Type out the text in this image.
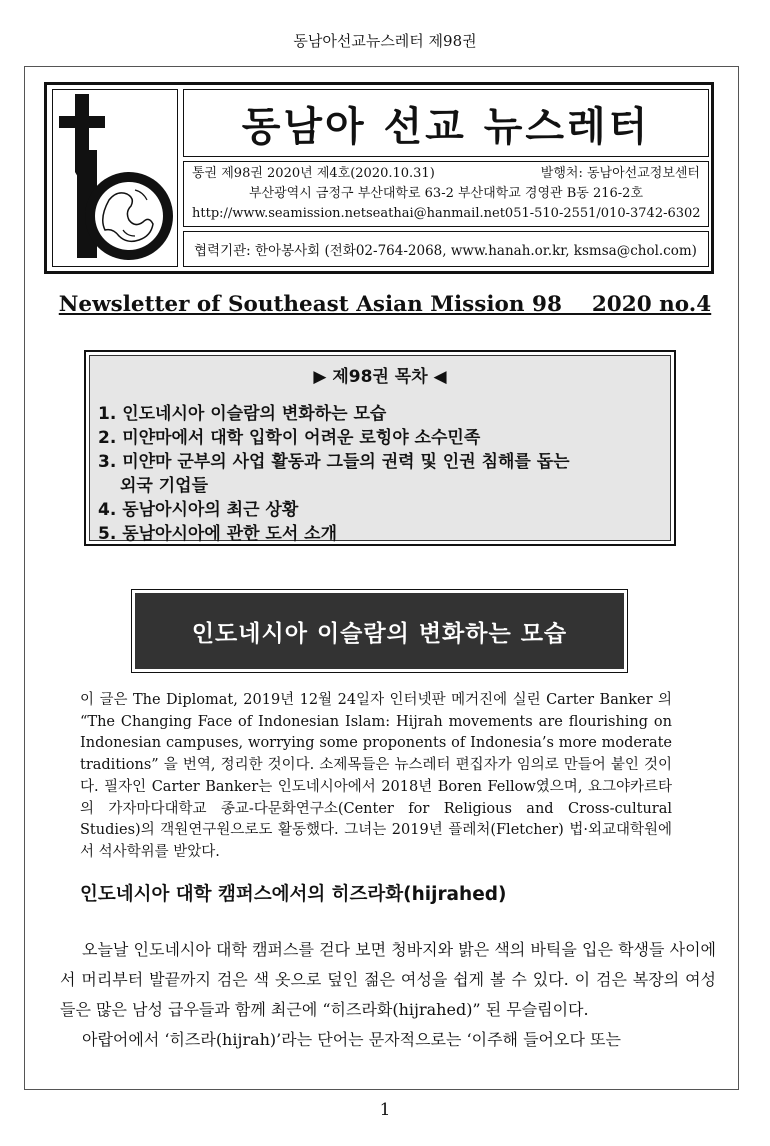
동남아선교뉴스레터 제98권
동남아 선교 뉴스레터
통권 제98권 2020년 제4호(2020.10.31)	발행처: 동남아선교정보센터
부산광역시 금정구 부산대학로 63-2 부산대학교 경영관 B동 216-2호
http://www.seamission.net seathai@hanmail.net 051-510-2551/010-3742-6302
협력기관: 한아봉사회 (전화02-764-2068, www.hanah.or.kr, ksmsa@chol.com)
Newsletter of Southeast Asian Mission 98    2020 no.4
▶ 제98권 목차 ◀
1. 인도네시아 이슬람의 변화하는 모습
2. 미얀마에서 대학 입학이 어려운 로힝야 소수민족
3. 미얀마 군부의 사업 활동과 그들의 권력 및 인권 침해를 돕는
외국 기업들
4. 동남아시아의 최근 상황
5. 동남아시아에 관한 도서 소개
인도네시아 이슬람의 변화하는 모습
이 글은 The Diplomat, 2019년 12월 24일자 인터넷판 메거진에 실린 Carter Banker 의 “The Changing Face of Indonesian Islam: Hijrah movements are flourishing on Indonesian campuses, worrying some proponents of Indonesia’s more moderate traditions” 을 번역, 정리한 것이다. 소제목들은 뉴스레터 편집자가 임의로 만들어 붙인 것이다. 필자인 Carter Banker는 인도네시아에서 2018년 Boren Fellow였으며, 요그야카르타의 가자마다대학교 종교-다문화연구소(Center for Religious and Cross-cultural Studies)의 객원연구원으로도 활동했다. 그녀는 2019년 플레처(Fletcher) 법·외교대학원에서 석사학위를 받았다.
인도네시아 대학 캠퍼스에서의 히즈라화(hijrahed)

오늘날 인도네시아 대학 캠퍼스를 걷다 보면 청바지와 밝은 색의 바틱을 입은 학생들 사이에서 머리부터 발끝까지 검은 색 옷으로 덮인 젊은 여성을 쉽게 볼 수 있다. 이 검은 복장의 여성들은 많은 남성 급우들과 함께 최근에 “히즈라화(hijrahed)” 된 무슬림이다.

아랍어에서 ‘히즈라(hijrah)’라는 단어는 문자적으로는 ‘이주해 들어오다 또는

1
